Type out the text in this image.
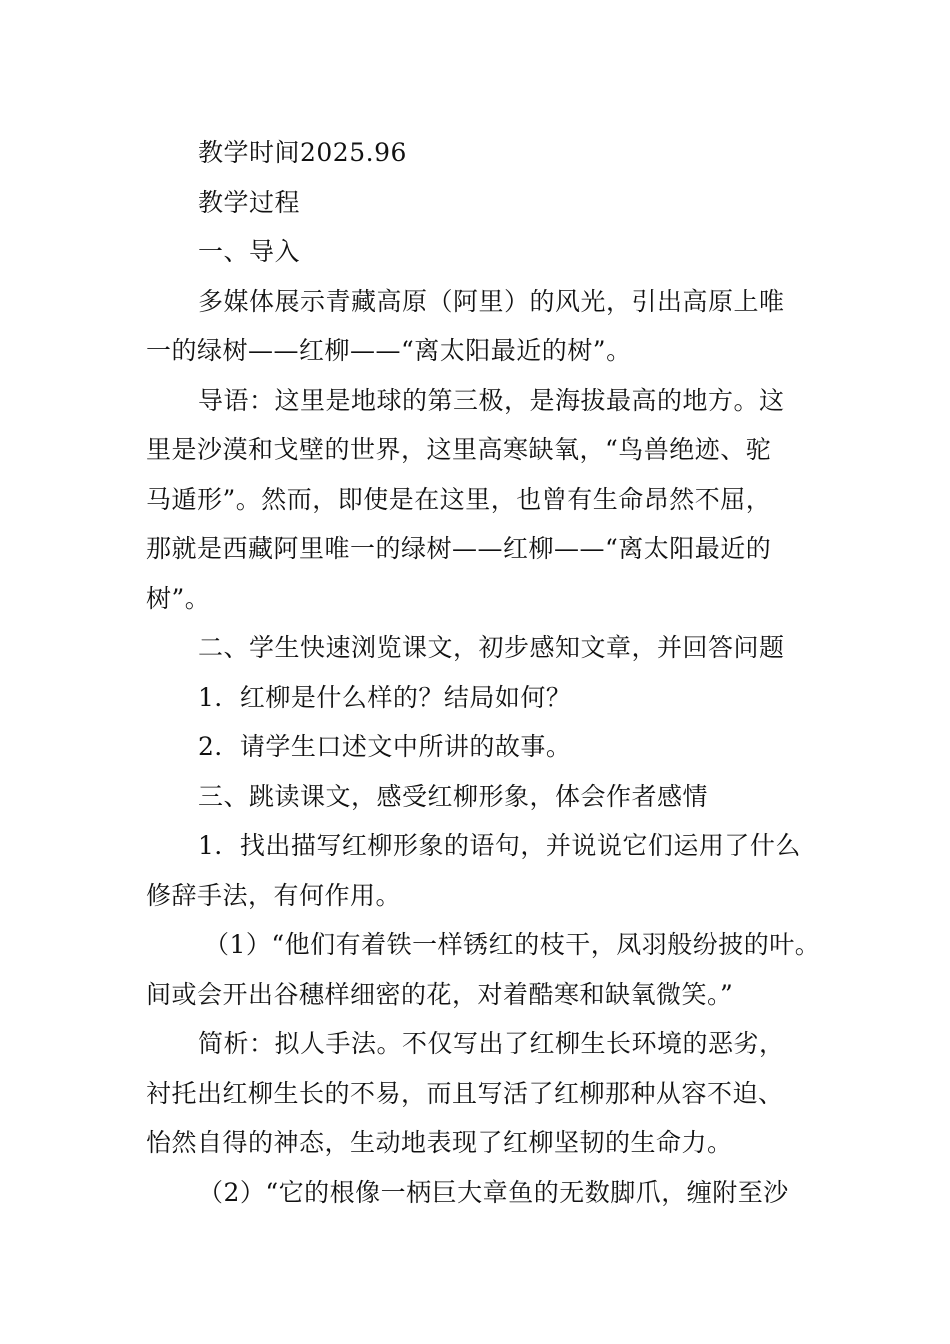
教学时间2025.96
教学过程
一、导入
多媒体展示青藏高原（阿里）的风光，引出高原上唯
一的绿树——红柳——“离太阳最近的树”。
导语：这里是地球的第三极，是海拔最高的地方。这
里是沙漠和戈壁的世界，这里高寒缺氧，“鸟兽绝迹、驼
马遁形”。然而，即使是在这里，也曾有生命昂然不屈，
那就是西藏阿里唯一的绿树——红柳——“离太阳最近的
树”。
二、学生快速浏览课文，初步感知文章，并回答问题
1．红柳是什么样的？结局如何？
2．请学生口述文中所讲的故事。
三、跳读课文，感受红柳形象，体会作者感情
1．找出描写红柳形象的语句，并说说它们运用了什么
修辞手法，有何作用。
（1）“他们有着铁一样锈红的枝干，凤羽般纷披的叶。
间或会开出谷穗样细密的花，对着酷寒和缺氧微笑。”
简析：拟人手法。不仅写出了红柳生长环境的恶劣，
衬托出红柳生长的不易，而且写活了红柳那种从容不迫、
怡然自得的神态，生动地表现了红柳坚韧的生命力。
（2）“它的根像一柄巨大章鱼的无数脚爪，缠附至沙
